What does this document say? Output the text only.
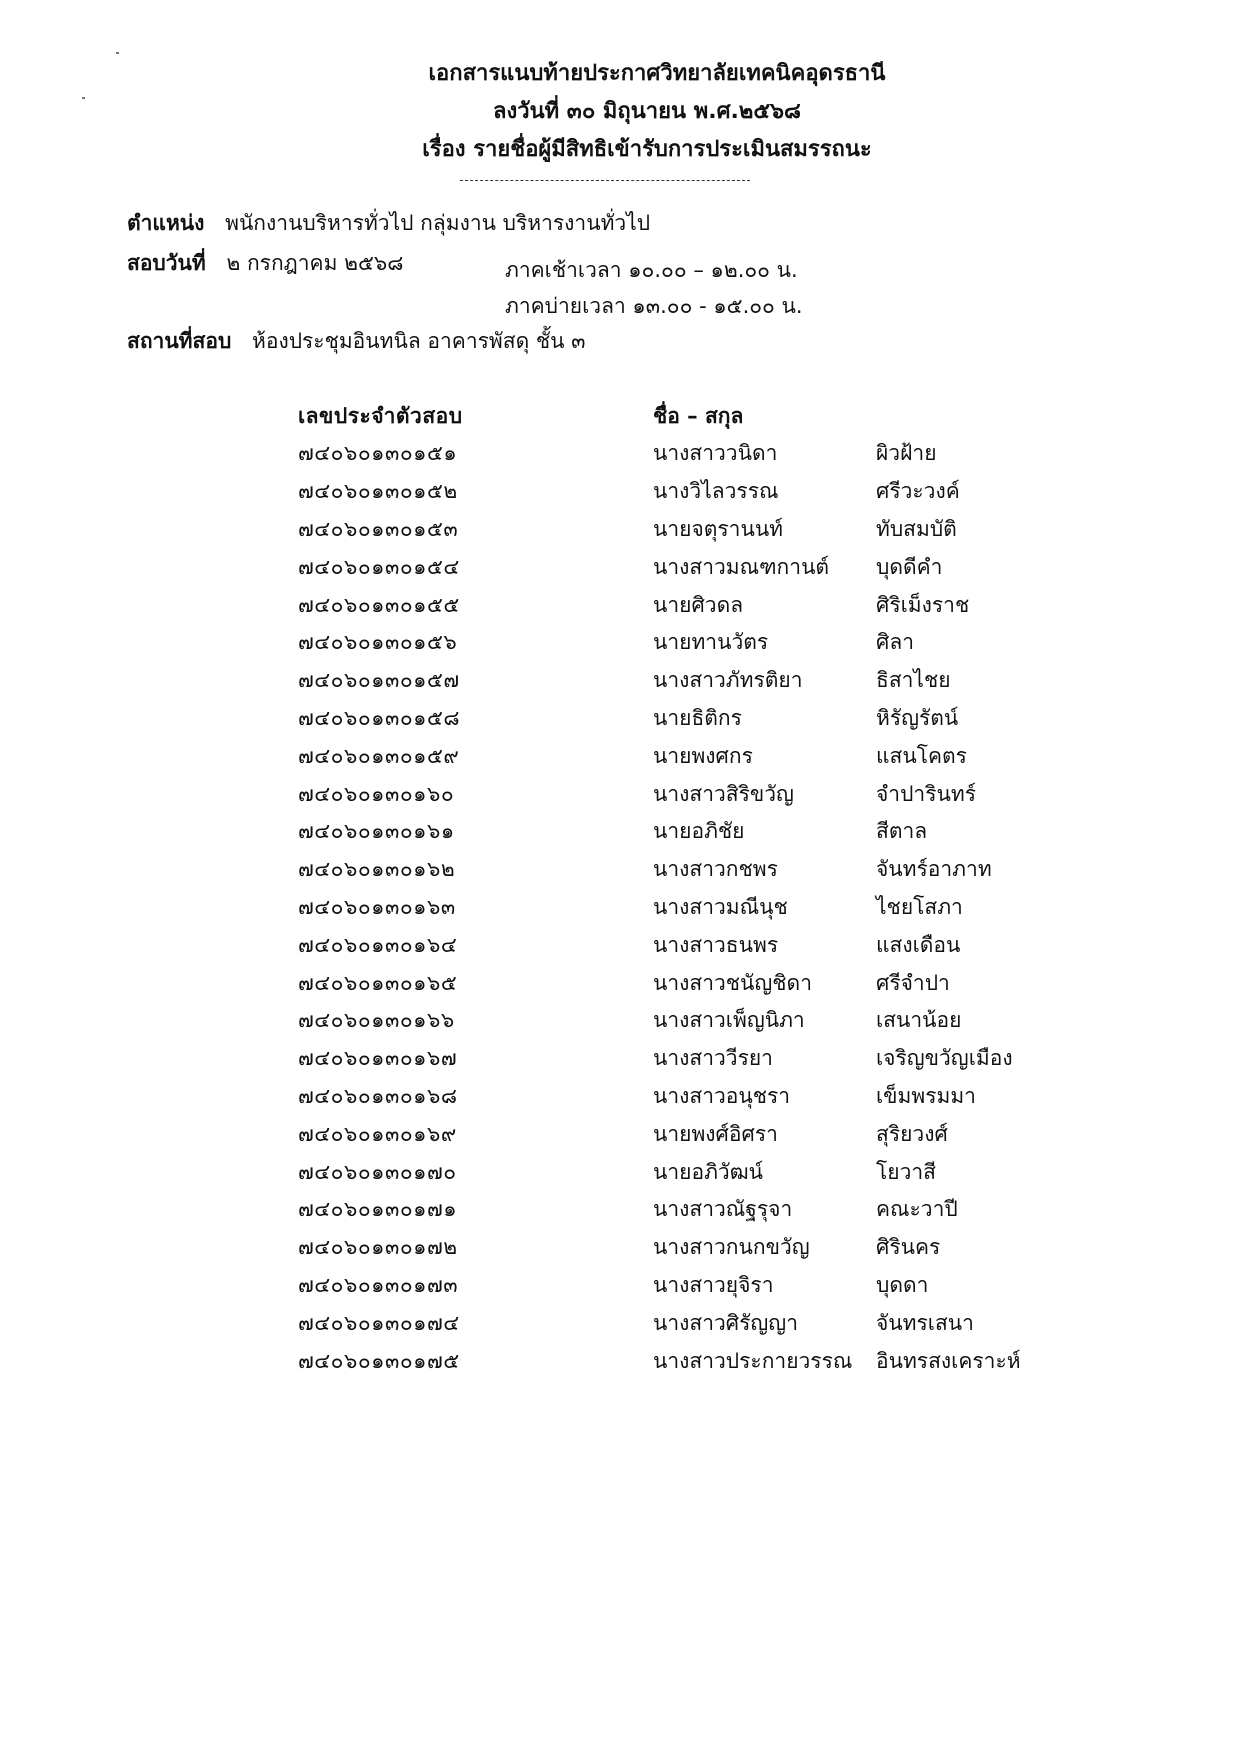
เอกสารแนบท้ายประกาศวิทยาลัยเทคนิคอุดรธานี
ลงวันที่ ๓๐ มิถุนายน พ.ศ.๒๕๖๘
เรื่อง รายชื่อผู้มีสิทธิเข้ารับการประเมินสมรรถนะ
ตำแหน่ง พนักงานบริหารทั่วไป กลุ่มงาน บริหารงานทั่วไป
สอบวันที่ ๒ กรกฎาคม ๒๕๖๘	ภาคเช้าเวลา ๑๐.๐๐ – ๑๒.๐๐ น.
ภาคบ่ายเวลา ๑๓.๐๐ - ๑๕.๐๐ น.
สถานที่สอบ ห้องประชุมอินทนิล อาคารพัสดุ ชั้น ๓
เลขประจำตัวสอบ	ชื่อ – สกุล	
๗๔๐๖๐๑๓๐๑๕๑	นางสาววนิดา	ผิวฝ้าย
๗๔๐๖๐๑๓๐๑๕๒	นางวิไลวรรณ	ศรีวะวงค์
๗๔๐๖๐๑๓๐๑๕๓	นายจตุรานนท์	ทับสมบัติ
๗๔๐๖๐๑๓๐๑๕๔	นางสาวมณฑกานต์	บุดดีคำ
๗๔๐๖๐๑๓๐๑๕๕	นายศิวดล	ศิริเม็งราช
๗๔๐๖๐๑๓๐๑๕๖	นายทานวัตร	ศิลา
๗๔๐๖๐๑๓๐๑๕๗	นางสาวภัทรติยา	ธิสาไชย
๗๔๐๖๐๑๓๐๑๕๘	นายธิติกร	หิรัญรัตน์
๗๔๐๖๐๑๓๐๑๕๙	นายพงศกร	แสนโคตร
๗๔๐๖๐๑๓๐๑๖๐	นางสาวสิริขวัญ	จำปารินทร์
๗๔๐๖๐๑๓๐๑๖๑	นายอภิชัย	สีตาล
๗๔๐๖๐๑๓๐๑๖๒	นางสาวกชพร	จันทร์อาภาท
๗๔๐๖๐๑๓๐๑๖๓	นางสาวมณีนุช	ไชยโสภา
๗๔๐๖๐๑๓๐๑๖๔	นางสาวธนพร	แสงเดือน
๗๔๐๖๐๑๓๐๑๖๕	นางสาวชนัญชิดา	ศรีจำปา
๗๔๐๖๐๑๓๐๑๖๖	นางสาวเพ็ญนิภา	เสนาน้อย
๗๔๐๖๐๑๓๐๑๖๗	นางสาววีรยา	เจริญขวัญเมือง
๗๔๐๖๐๑๓๐๑๖๘	นางสาวอนุชรา	เข็มพรมมา
๗๔๐๖๐๑๓๐๑๖๙	นายพงศ์อิศรา	สุริยวงศ์
๗๔๐๖๐๑๓๐๑๗๐	นายอภิวัฒน์	โยวาสี
๗๔๐๖๐๑๓๐๑๗๑	นางสาวณัฐรุจา	คณะวาปี
๗๔๐๖๐๑๓๐๑๗๒	นางสาวกนกขวัญ	ศิรินคร
๗๔๐๖๐๑๓๐๑๗๓	นางสาวยุจิรา	บุดดา
๗๔๐๖๐๑๓๐๑๗๔	นางสาวศิรัญญา	จันทรเสนา
๗๔๐๖๐๑๓๐๑๗๕	นางสาวประกายวรรณ	อินทรสงเคราะห์
